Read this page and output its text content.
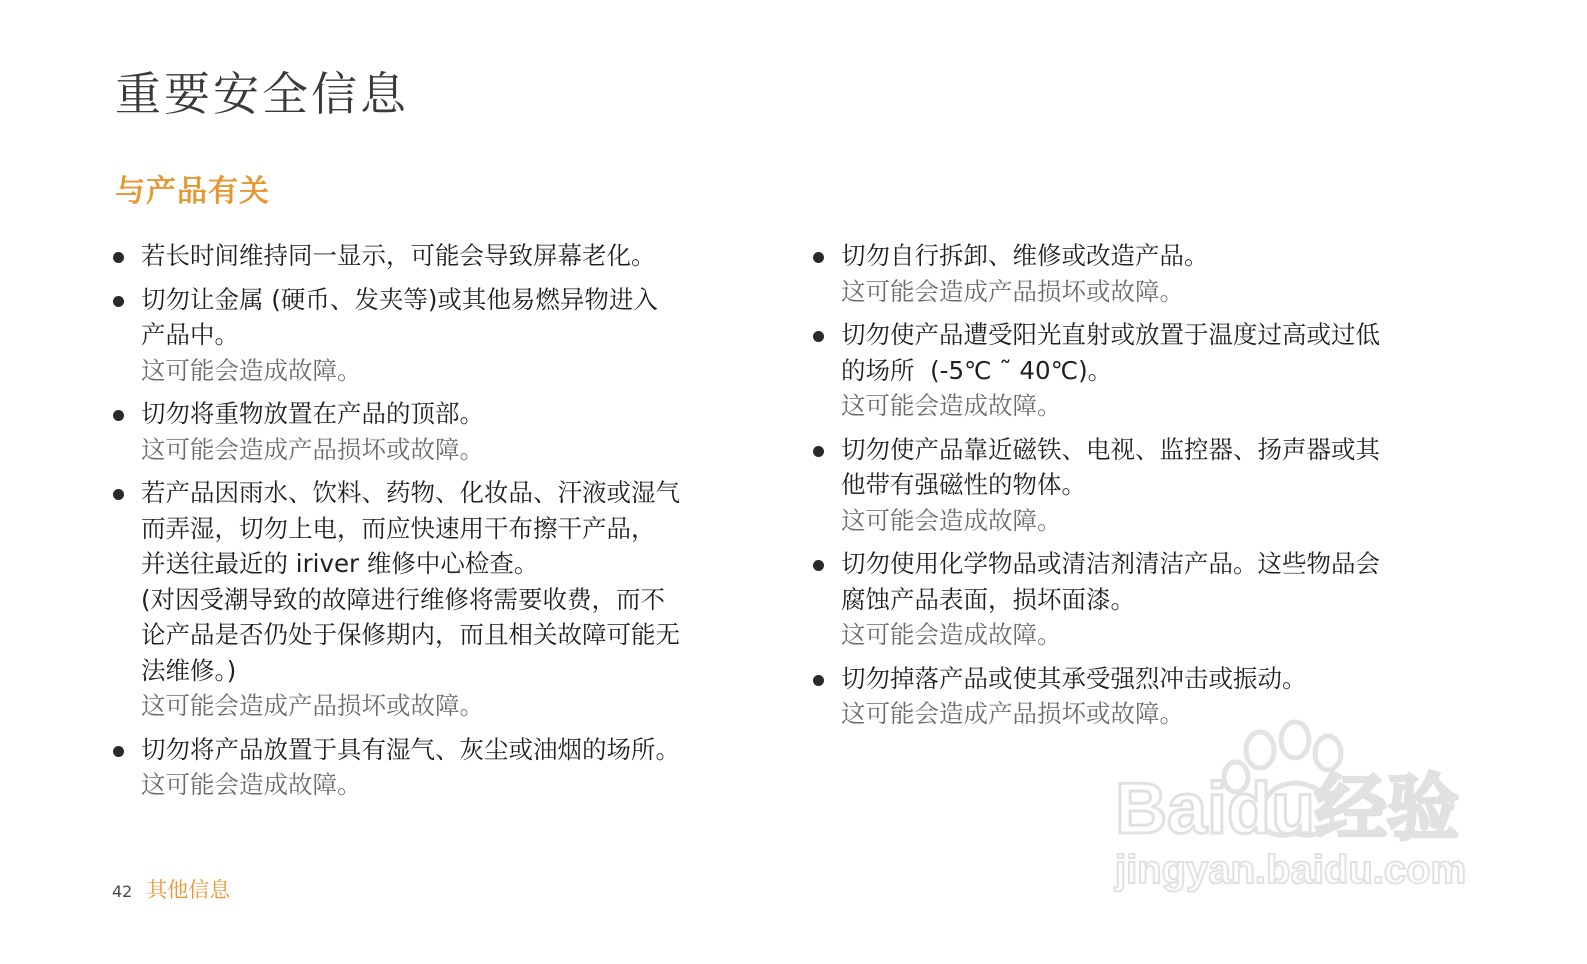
重要安全信息
与产品有关
若长时间维持同一显示，可能会导致屏幕老化。
切勿让金属 (硬币、发夹等)或其他易燃异物进入
产品中。
这可能会造成故障。
切勿将重物放置在产品的顶部。
这可能会造成产品损坏或故障。
若产品因雨水、饮料、药物、化妆品、汗液或湿气
而弄湿，切勿上电，而应快速用干布擦干产品，
并送往最近的 iriver 维修中心检查。
(对因受潮导致的故障进行维修将需要收费，而不
论产品是否仍处于保修期内，而且相关故障可能无
法维修。)
这可能会造成产品损坏或故障。
切勿将产品放置于具有湿气、灰尘或油烟的场所。
这可能会造成故障。
切勿自行拆卸、维修或改造产品。
这可能会造成产品损坏或故障。
切勿使产品遭受阳光直射或放置于温度过高或过低
的场所  (-5℃ ˜ 40℃)。
这可能会造成故障。
切勿使产品靠近磁铁、电视、监控器、扬声器或其
他带有强磁性的物体。
这可能会造成故障。
切勿使用化学物品或清洁剂清洁产品。这些物品会
腐蚀产品表面，损坏面漆。
这可能会造成故障。
切勿掉落产品或使其承受强烈冲击或振动。
这可能会造成产品损坏或故障。
42 其他信息
Baidu经验
jingyan.baidu.com
